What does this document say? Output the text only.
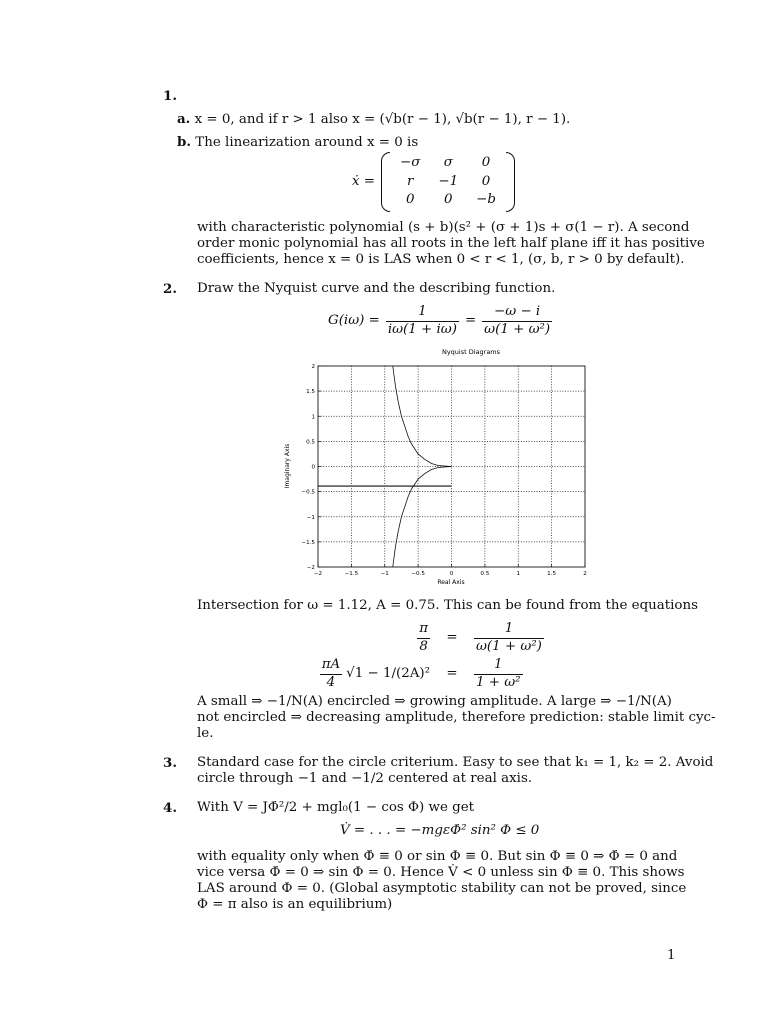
1.
a. x = 0, and if r > 1 also x = (√b(r − 1), √b(r − 1), r − 1).
b. The linearization around x = 0 is
ẋ =
−σ	σ	0
r	−1	0
0	0	−b
with characteristic polynomial (s + b)(s² + (σ + 1)s + σ(1 − r). A second
order monic polynomial has all roots in the left half plane iff it has positive
coefficients, hence x = 0 is LAS when 0 < r < 1, (σ, b, r > 0 by default).
2. Draw the Nyquist curve and the describing function.
$G(i\omega) = \frac{1}{i\omega(1 + i\omega)} = \frac{-\omega - i}{\text{ω(1 + ω²)}}$
Nyquist Diagrams
−2	−1.5	−1	−0.5	0	0.5	1	1.5	2
2
1.5
1
0.5
0
−0.5
−1
−1.5
−2
Real Axis
Imaginary Axis
Intersection for ω = 1.12, A = 0.75. This can be found from the equations
$\frac{\pi}{8}$	=	$\frac{1}{\text{ω(1 + ω²)}}$
$\frac{\pi A}{4} √1 - 1/(2A)^2$	=	$\frac{1}{\text{1 + ω²}}$
A small ⇒ −1/N(A) encircled ⇒ growing amplitude. A large ⇒ −1/N(A)
not encircled ⇒ decreasing amplitude, therefore prediction: stable limit cyc-
le.
3. Standard case for the circle criterium. Easy to see that k₁ = 1, k₂ = 2. Avoid
circle through −1 and −1/2 centered at real axis.
4. With V = JΦ̇²/2 + mgl₀(1 − cos Φ) we get
V̇ = . . . = −mgεΦ̇² sin² Φ ≤ 0
with equality only when Φ̇ ≡ 0 or sin Φ ≡ 0. But sin Φ ≡ 0 ⇒ Φ̇ = 0 and
vice versa Φ̇ = 0 ⇒ sin Φ = 0. Hence V̇ < 0 unless sin Φ ≡ 0. This shows
LAS around Φ = 0. (Global asymptotic stability can not be proved, since
Φ = π also is an equilibrium)
1
